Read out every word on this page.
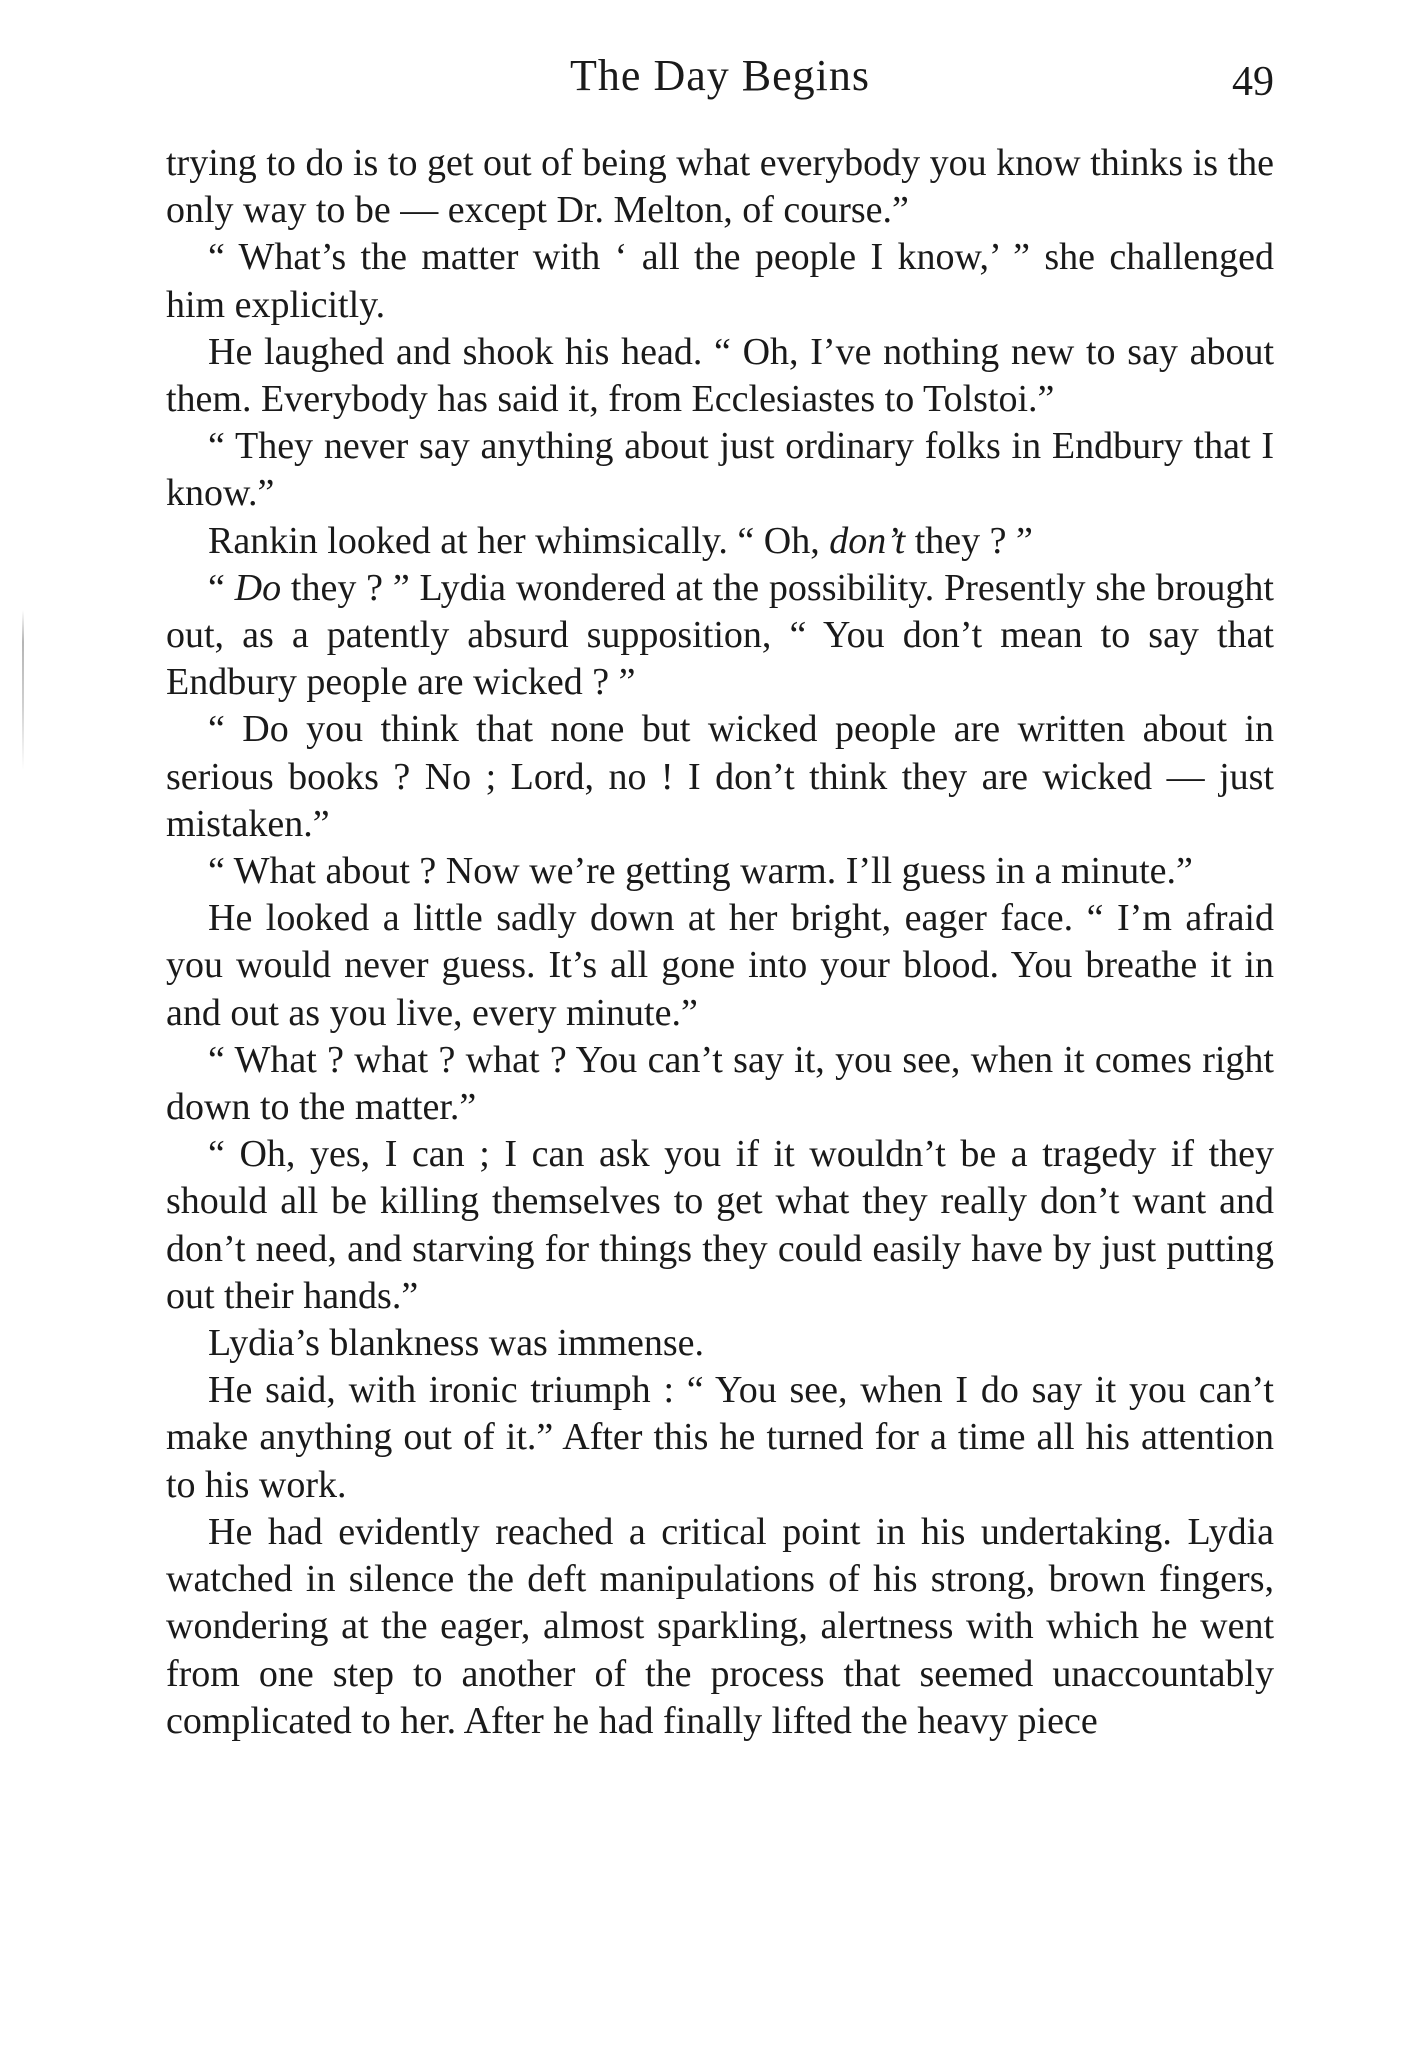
The Day Begins	49

trying to do is to get out of being what everybody you know thinks is the only way to be — except Dr. Melton, of course.”

“ What’s the matter with ‘ all the people I know,’ ” she challenged him explicitly.

He laughed and shook his head. “ Oh, I’ve nothing new to say about them. Everybody has said it, from Ecclesiastes to Tolstoi.”

“ They never say anything about just ordinary folks in Endbury that I know.”

Rankin looked at her whimsically. “ Oh, don’t they ? ”

“ Do they ? ” Lydia wondered at the possibility. Presently she brought out, as a patently absurd supposition, “ You don’t mean to say that Endbury people are wicked ? ”

“ Do you think that none but wicked people are written about in serious books ? No ; Lord, no ! I don’t think they are wicked — just mistaken.”

“ What about ? Now we’re getting warm. I’ll guess in a minute.”

He looked a little sadly down at her bright, eager face. “ I’m afraid you would never guess. It’s all gone into your blood. You breathe it in and out as you live, every minute.”

“ What ? what ? what ? You can’t say it, you see, when it comes right down to the matter.”

“ Oh, yes, I can ; I can ask you if it wouldn’t be a tragedy if they should all be killing themselves to get what they really don’t want and don’t need, and starving for things they could easily have by just putting out their hands.”

Lydia’s blankness was immense.

He said, with ironic triumph : “ You see, when I do say it you can’t make anything out of it.” After this he turned for a time all his attention to his work.

He had evidently reached a critical point in his undertaking. Lydia watched in silence the deft manipulations of his strong, brown fingers, wondering at the eager, almost sparkling, alertness with which he went from one step to another of the process that seemed unaccountably complicated to her. After he had finally lifted the heavy piece
